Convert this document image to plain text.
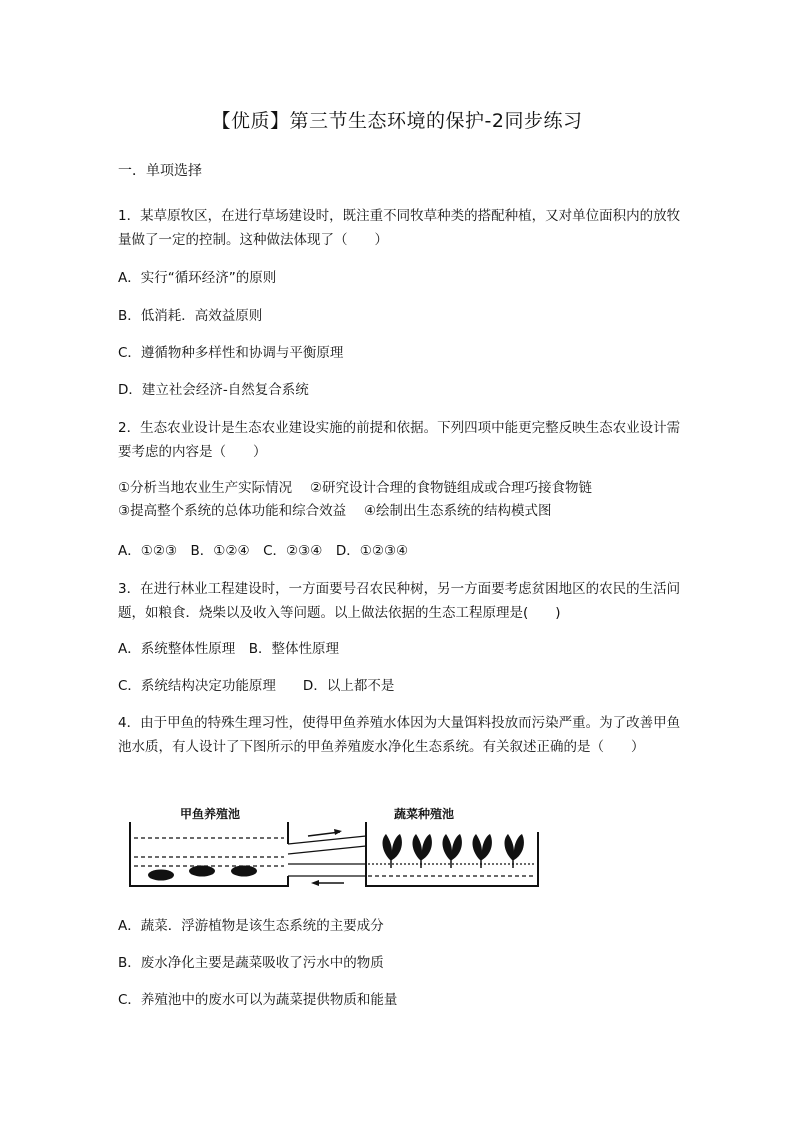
【优质】第三节生态环境的保护-2同步练习
一．单项选择

1．某草原牧区，在进行草场建设时，既注重不同牧草种类的搭配种植，又对单位面积内的放牧量做了一定的控制。这种做法体现了（　　）

A．实行“循环经济”的原则

B．低消耗．高效益原则

C．遵循物种多样性和协调与平衡原理

D．建立社会经济-自然复合系统

2．生态农业设计是生态农业建设实施的前提和依据。下列四项中能更完整反映生态农业设计需要考虑的内容是（　　）

①分析当地农业生产实际情况　 ②研究设计合理的食物链组成或合理巧接食物链

③提高整个系统的总体功能和综合效益　 ④绘制出生态系统的结构模式图

A．①②③　B．①②④　C．②③④　D．①②③④

3．在进行林业工程建设时，一方面要号召农民种树，另一方面要考虑贫困地区的农民的生活问题，如粮食．烧柴以及收入等问题。以上做法依据的生态工程原理是(　　)

A．系统整体性原理　B．整体性原理

C．系统结构决定功能原理　　D．以上都不是

4．由于甲鱼的特殊生理习性，使得甲鱼养殖水体因为大量饵料投放而污染严重。为了改善甲鱼池水质，有人设计了下图所示的甲鱼养殖废水净化生态系统。有关叙述正确的是（　　）

甲鱼养殖池	蔬菜种殖池

A．蔬菜．浮游植物是该生态系统的主要成分

B．废水净化主要是蔬菜吸收了污水中的物质

C．养殖池中的废水可以为蔬菜提供物质和能量
